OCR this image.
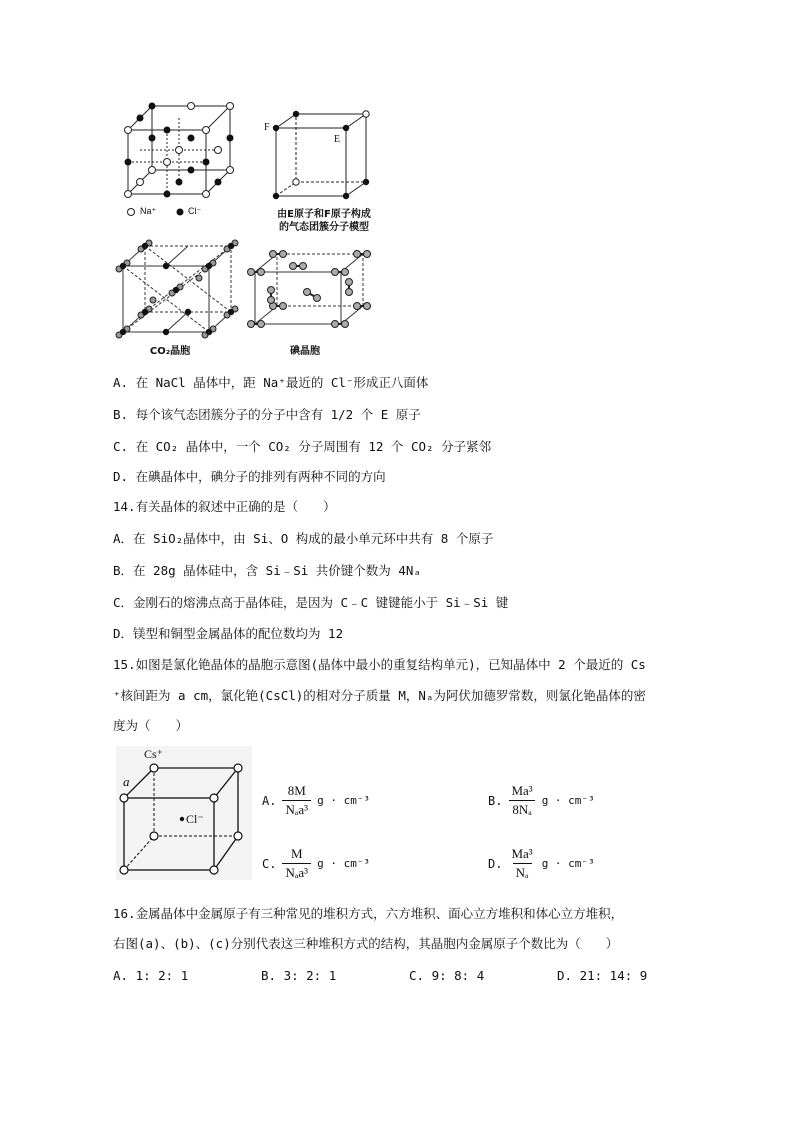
Na⁺	Cl⁻
F
E
由E原子和F原子构成
的气态团簇分子模型
CO₂晶胞	碘晶胞
A. 在 NaCl 晶体中，距 Na⁺最近的 Cl⁻形成正八面体
B. 每个该气态团簇分子的分子中含有 1/2 个 E 原子
C. 在 CO₂ 晶体中，一个 CO₂ 分子周围有 12 个 CO₂ 分子紧邻
D. 在碘晶体中，碘分子的排列有两种不同的方向
14.有关晶体的叙述中正确的是（　　）
A．在 SiO₂晶体中，由 Si、O 构成的最小单元环中共有 8 个原子
B．在 28g 晶体硅中，含 Si﹣Si 共价键个数为 4Nₐ
C．金刚石的熔沸点高于晶体硅，是因为 C﹣C 键键能小于 Si﹣Si 键
D．镁型和铜型金属晶体的配位数均为 12
15.如图是氯化铯晶体的晶胞示意图(晶体中最小的重复结构单元)，已知晶体中 2 个最近的 Cs
⁺核间距为 a cm，氯化铯(CsCl)的相对分子质量 M，Nₐ为阿伏加德罗常数，则氯化铯晶体的密
度为（　　）
Cs⁺
a
Cl⁻
A. $\frac{8M}{\text{Nₐa³}}$ g · cm⁻³	B. $\frac{\text{Ma³}}{\text{8Nₐ}}$ g · cm⁻³
C. $\frac{M}{\text{Nₐa³}}$ g · cm⁻³	D. $\frac{\text{Ma³}}{\text{Nₐ}}$ g · cm⁻³
16.金属晶体中金属原子有三种常见的堆积方式，六方堆积、面心立方堆积和体心立方堆积，
右图(a)、(b)、(c)分别代表这三种堆积方式的结构，其晶胞内金属原子个数比为（　　）
A. 1: 2: 1	B. 3: 2: 1	C. 9: 8: 4	D. 21: 14: 9
